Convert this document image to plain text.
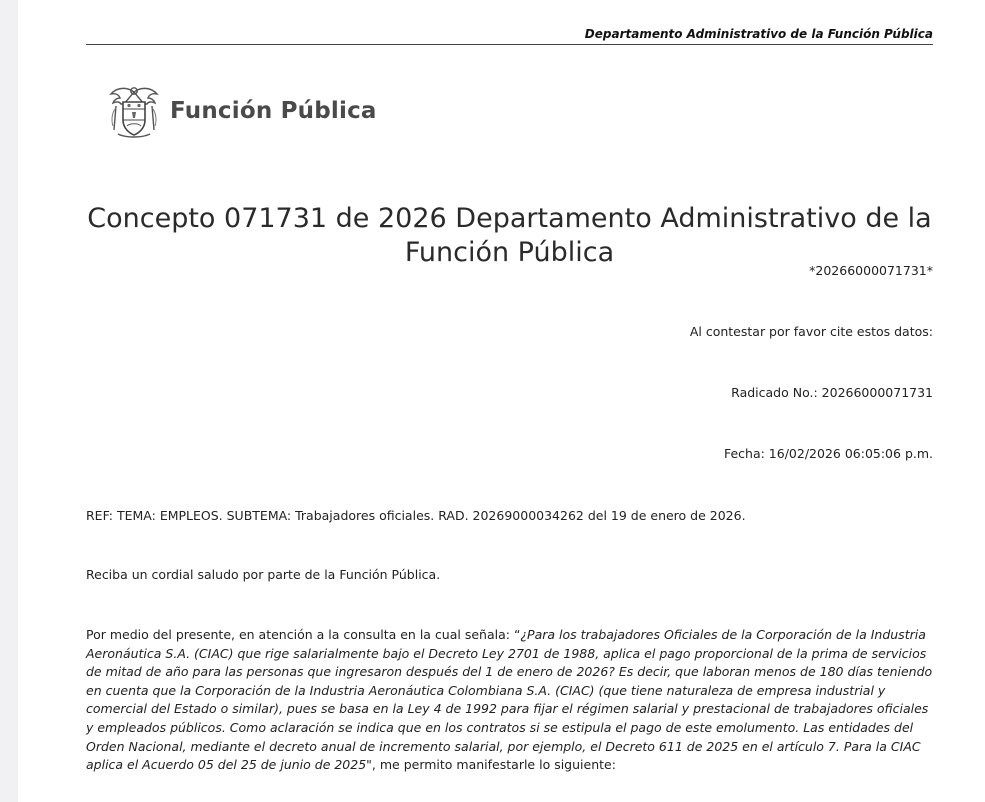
Departamento Administrativo de la Función Pública
Función Pública
Concepto 071731 de 2026 Departamento Administrativo de la Función Pública
*20266000071731*
Al contestar por favor cite estos datos:
Radicado No.: 20266000071731
Fecha: 16/02/2026 06:05:06 p.m.
REF: TEMA: EMPLEOS. SUBTEMA: Trabajadores oficiales. RAD. 20269000034262 del 19 de enero de 2026.
Reciba un cordial saludo por parte de la Función Pública.
Por medio del presente, en atención a la consulta en la cual señala: “¿Para los trabajadores Oficiales de la Corporación de la Industria Aeronáutica S.A. (CIAC) que rige salarialmente bajo el Decreto Ley 2701 de 1988, aplica el pago proporcional de la prima de servicios de mitad de año para las personas que ingresaron después del 1 de enero de 2026? Es decir, que laboran menos de 180 días teniendo en cuenta que la Corporación de la Industria Aeronáutica Colombiana S.A. (CIAC) (que tiene naturaleza de empresa industrial y comercial del Estado o similar), pues se basa en la Ley 4 de 1992 para fijar el régimen salarial y prestacional de trabajadores oficiales y empleados públicos. Como aclaración se indica que en los contratos si se estipula el pago de este emolumento. Las entidades del Orden Nacional, mediante el decreto anual de incremento salarial, por ejemplo, el Decreto 611 de 2025 en el artículo 7. Para la CIAC aplica el Acuerdo 05 del 25 de junio de 2025", me permito manifestarle lo siguiente:
